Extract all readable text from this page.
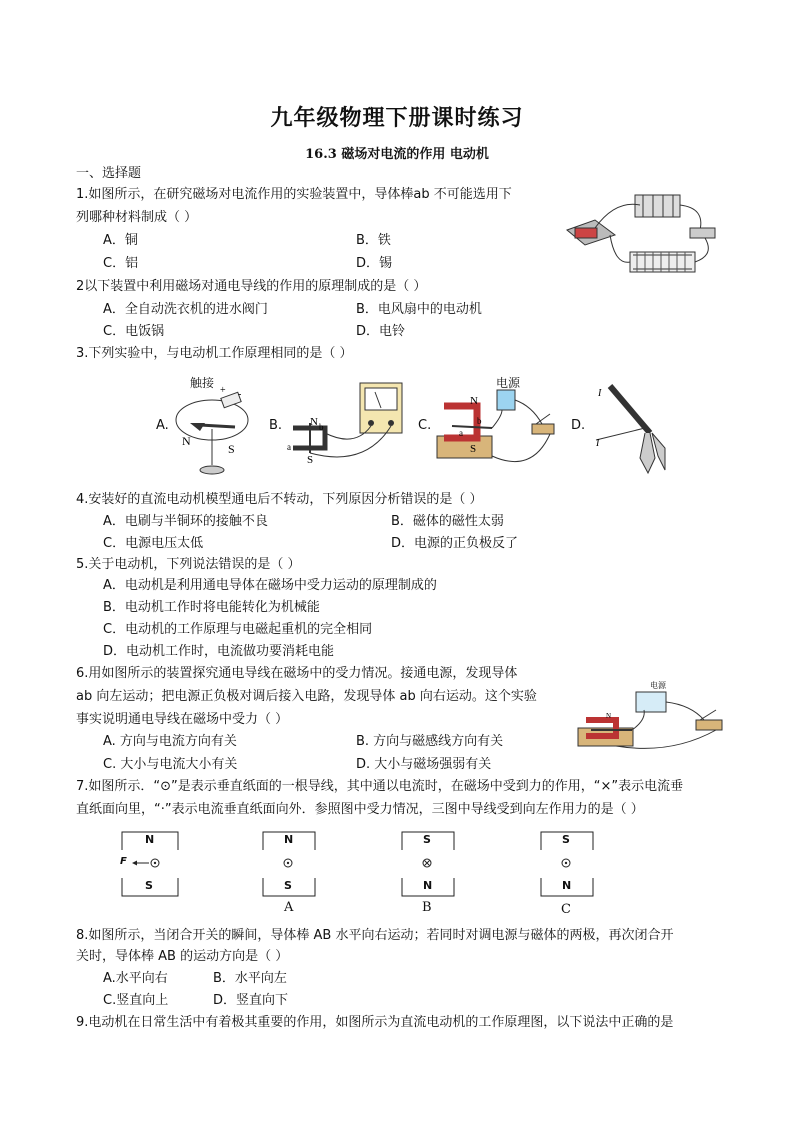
九年级物理下册课时练习
16.3 磁场对电流的作用 电动机
一、选择题
1.如图所示，在研究磁场对电流作用的实验装置中，导体棒ab 不可能选用下
列哪种材料制成（ ）
A．铜	B．铁
C．铝	D．锡
2以下装置中利用磁场对通电导线的作用的原理制成的是（ ）
A．全自动洗衣机的进水阀门	B．电风扇中的电动机
C．电饭锅	D．电铃
3.下列实验中，与电动机工作原理相同的是（ ）
A.
触接
N
S
-
+
B.	N
S
b
a
C.
电源
N
S
a
b	D.
I
I
4.安装好的直流电动机模型通电后不转动，下列原因分析错误的是（ ）
A．电刷与半铜环的接触不良	B．磁体的磁性太弱
C．电源电压太低	D．电源的正负极反了
5.关于电动机，下列说法错误的是（ ）
A．电动机是利用通电导体在磁场中受力运动的原理制成的
B．电动机工作时将电能转化为机械能
C．电动机的工作原理与电磁起重机的完全相同
D．电动机工作时，电流做功要消耗电能
6.用如图所示的装置探究通电导线在磁场中的受力情况。接通电源，发现导体
ab 向左运动；把电源正负极对调后接入电路，发现导体 ab 向右运动。这个实验
事实说明通电导线在磁场中受力（ ）
A. 方向与电流方向有关	B. 方向与磁感线方向有关
C. 大小与电流大小有关	D. 大小与磁场强弱有关
电源
N
7.如图所示．“⊙”是表示垂直纸面的一根导线，其中通以电流时，在磁场中受到力的作用，“×”表示电流垂
直纸面向里，“·”表示电流垂直纸面向外．参照图中受力情况，三图中导线受到向左作用力的是（ ）
N
S
F
N
S
A
S
N
B
S
N
C
8.如图所示，当闭合开关的瞬间，导体棒 AB 水平向右运动；若同时对调电源与磁体的两极，再次闭合开
关时，导体棒 AB 的运动方向是（ ）
A.水平向右	B．水平向左
C.竖直向上	D．竖直向下
9.电动机在日常生活中有着极其重要的作用，如图所示为直流电动机的工作原理图，以下说法中正确的是
